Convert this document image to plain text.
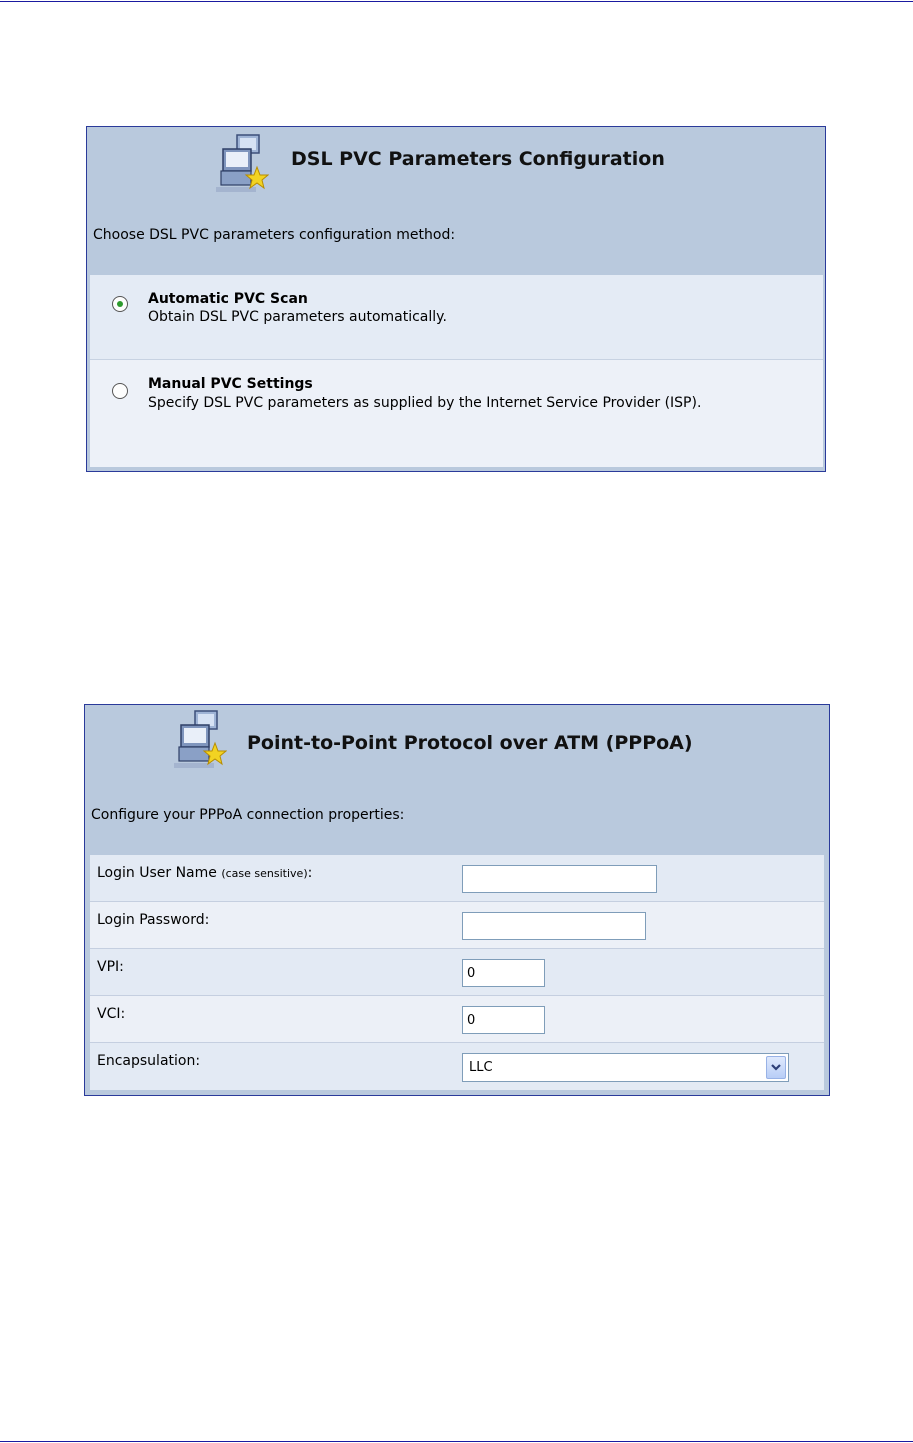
DSL PVC Parameters Configuration
Choose DSL PVC parameters configuration method:
Automatic PVC Scan
Obtain DSL PVC parameters automatically.
Manual PVC Settings
Specify DSL PVC parameters as supplied by the Internet Service Provider (ISP).
Point-to-Point Protocol over ATM (PPPoA)
Configure your PPPoA connection properties:
Login User Name (case sensitive):
Login Password:
VPI:
0
VCI:
0
Encapsulation:	LLC
